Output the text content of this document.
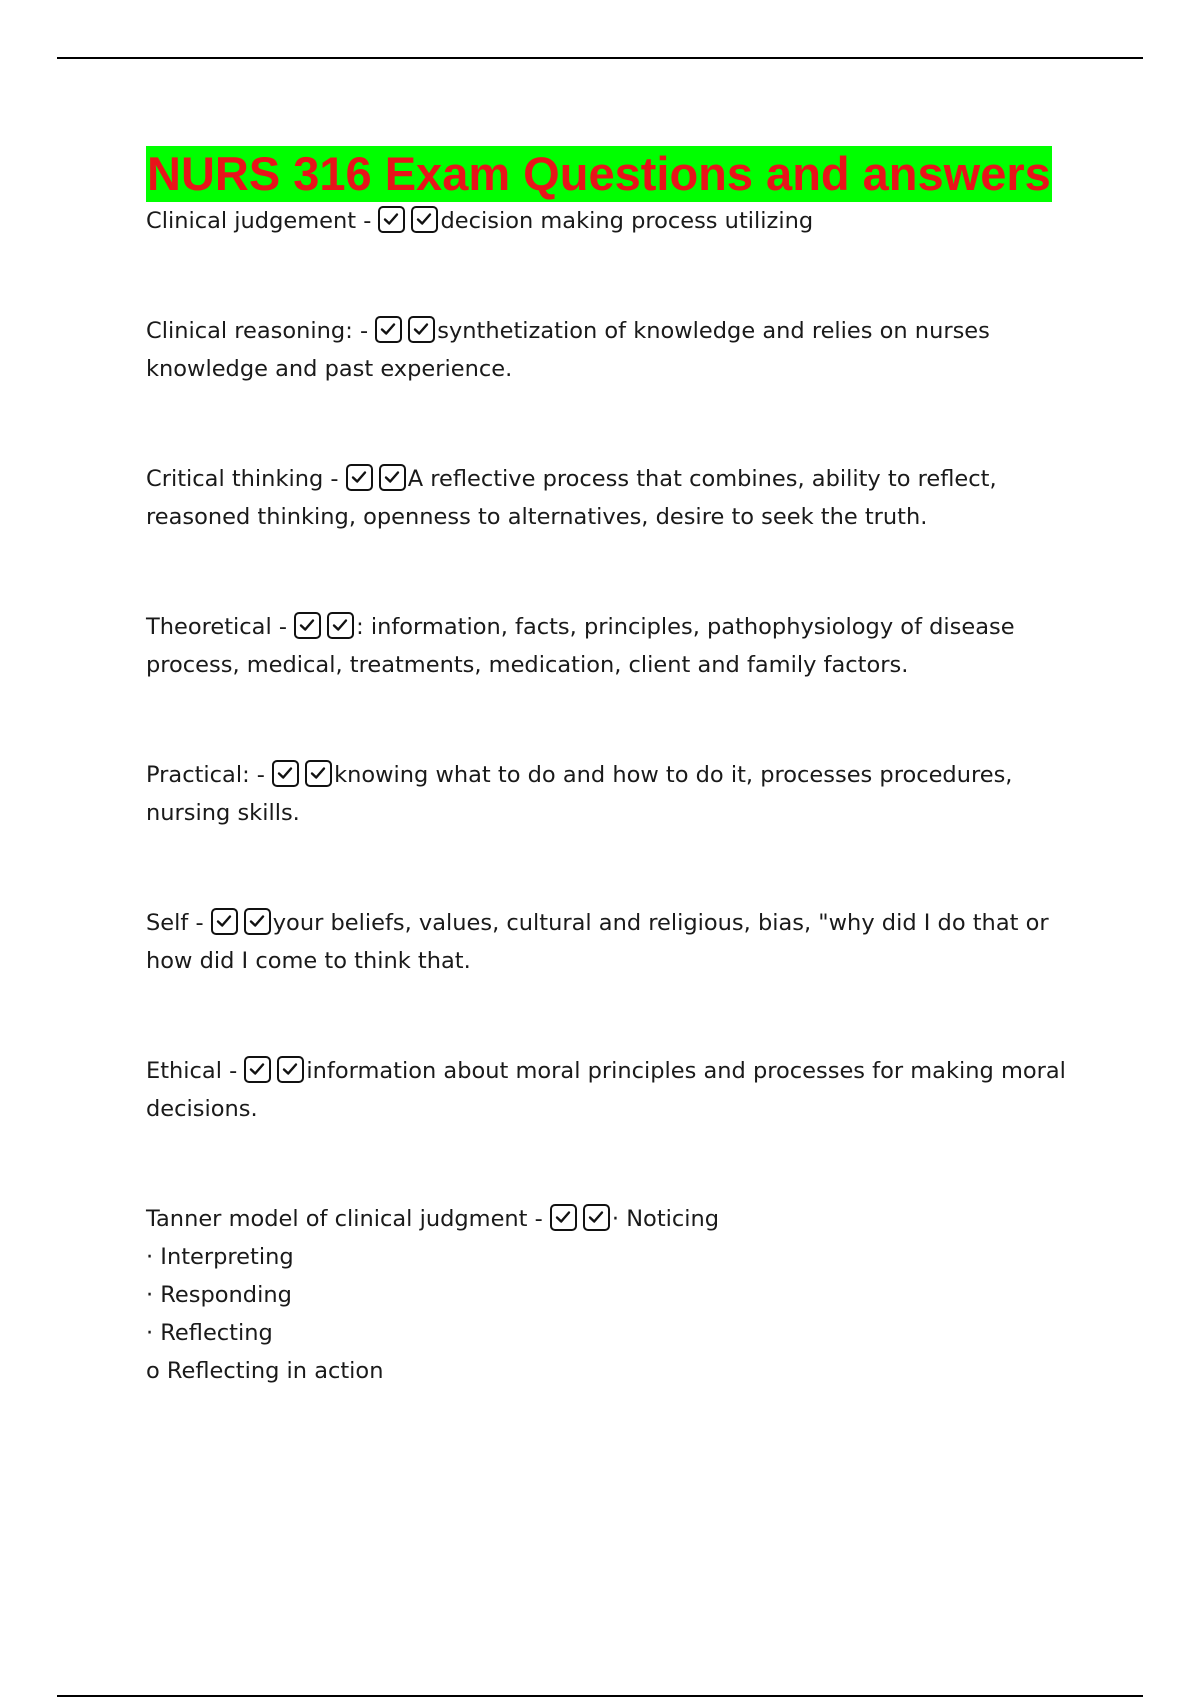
NURS 316 Exam Questions and answers

Clinical judgement -	decision making process utilizing

Clinical reasoning: -	synthetization of knowledge and relies on nurses knowledge and past experience.

Critical thinking -	A reflective process that combines, ability to reflect, reasoned thinking, openness to alternatives, desire to seek the truth.

Theoretical -	: information, facts, principles, pathophysiology of disease process, medical, treatments, medication, client and family factors.

Practical: -	knowing what to do and how to do it, processes procedures, nursing skills.

Self -	your beliefs, values, cultural and religious, bias, "why did I do that or how did I come to think that.

Ethical -	information about moral principles and processes for making moral decisions.

Tanner model of clinical judgment -	· Noticing

· Interpreting

· Responding

· Reflecting

o Reflecting in action
